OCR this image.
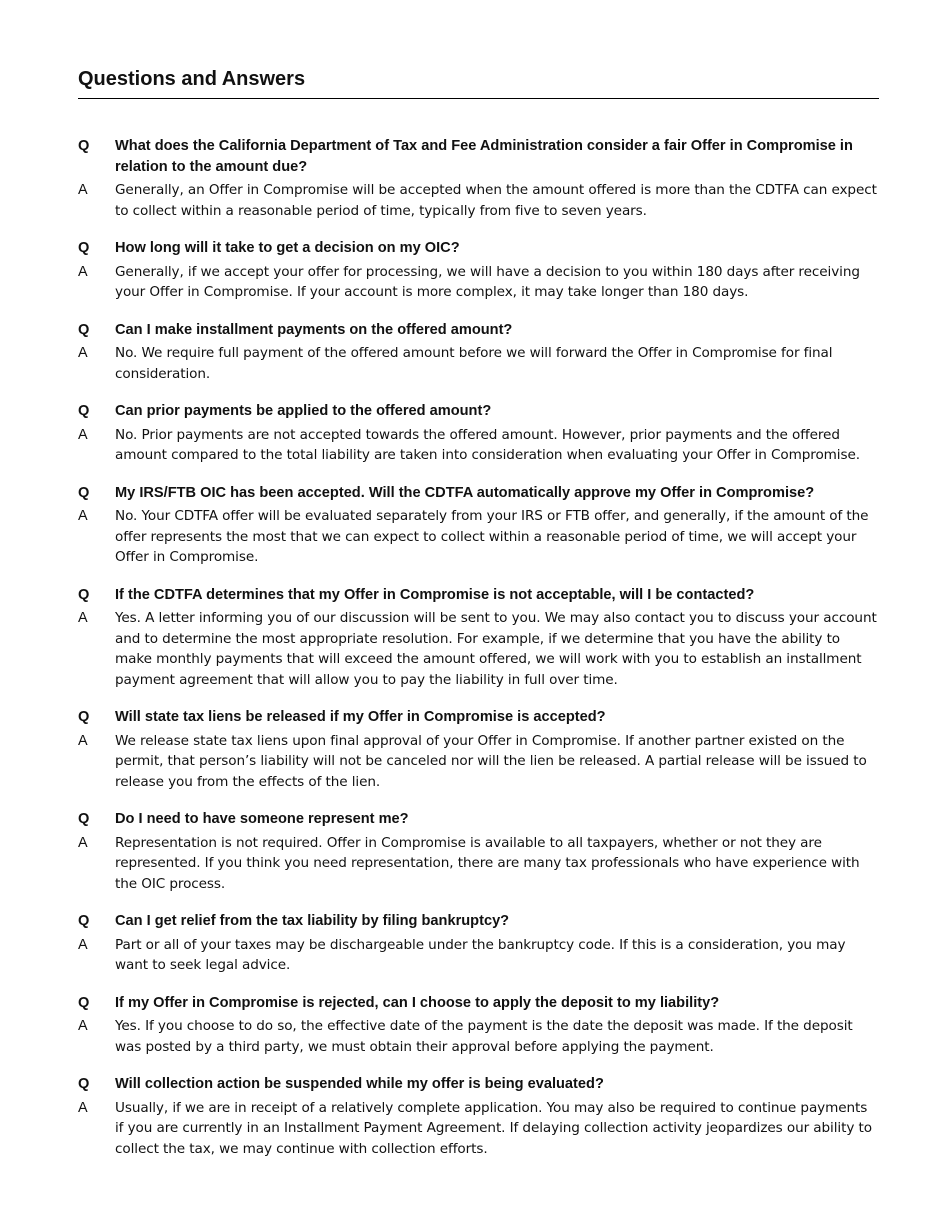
Questions and Answers
Q	What does the California Department of Tax and Fee Administration consider a fair Offer in Compromise in relation to the amount due?
A	Generally, an Offer in Compromise will be accepted when the amount offered is more than the CDTFA can expect to collect within a reasonable period of time, typically from five to seven years.
Q	How long will it take to get a decision on my OIC?
A	Generally, if we accept your offer for processing, we will have a decision to you within 180 days after receiving your Offer in Compromise. If your account is more complex, it may take longer than 180 days.
Q	Can I make installment payments on the offered amount?
A	No. We require full payment of the offered amount before we will forward the Offer in Compromise for final consideration.
Q	Can prior payments be applied to the offered amount?
A	No. Prior payments are not accepted towards the offered amount. However, prior payments and the offered amount compared to the total liability are taken into consideration when evaluating your Offer in Compromise.
Q	My IRS/FTB OIC has been accepted. Will the CDTFA automatically approve my Offer in Compromise?
A	No. Your CDTFA offer will be evaluated separately from your IRS or FTB offer, and generally, if the amount of the offer represents the most that we can expect to collect within a reasonable period of time, we will accept your Offer in Compromise.
Q	If the CDTFA determines that my Offer in Compromise is not acceptable, will I be contacted?
A	Yes. A letter informing you of our discussion will be sent to you. We may also contact you to discuss your account and to determine the most appropriate resolution. For example, if we determine that you have the ability to make monthly payments that will exceed the amount offered, we will work with you to establish an installment payment agreement that will allow you to pay the liability in full over time.
Q	Will state tax liens be released if my Offer in Compromise is accepted?
A	We release state tax liens upon final approval of your Offer in Compromise. If another partner existed on the permit, that person’s liability will not be canceled nor will the lien be released. A partial release will be issued to release you from the effects of the lien.
Q	Do I need to have someone represent me?
A	Representation is not required. Offer in Compromise is available to all taxpayers, whether or not they are represented. If you think you need representation, there are many tax professionals who have experience with the OIC process.
Q	Can I get relief from the tax liability by filing bankruptcy?
A	Part or all of your taxes may be dischargeable under the bankruptcy code. If this is a consideration, you may want to seek legal advice.
Q	If my Offer in Compromise is rejected, can I choose to apply the deposit to my liability?
A	Yes. If you choose to do so, the effective date of the payment is the date the deposit was made. If the deposit was posted by a third party, we must obtain their approval before applying the payment.
Q	Will collection action be suspended while my offer is being evaluated?
A	Usually, if we are in receipt of a relatively complete application. You may also be required to continue payments if you are currently in an Installment Payment Agreement. If delaying collection activity jeopardizes our ability to collect the tax, we may continue with collection efforts.
